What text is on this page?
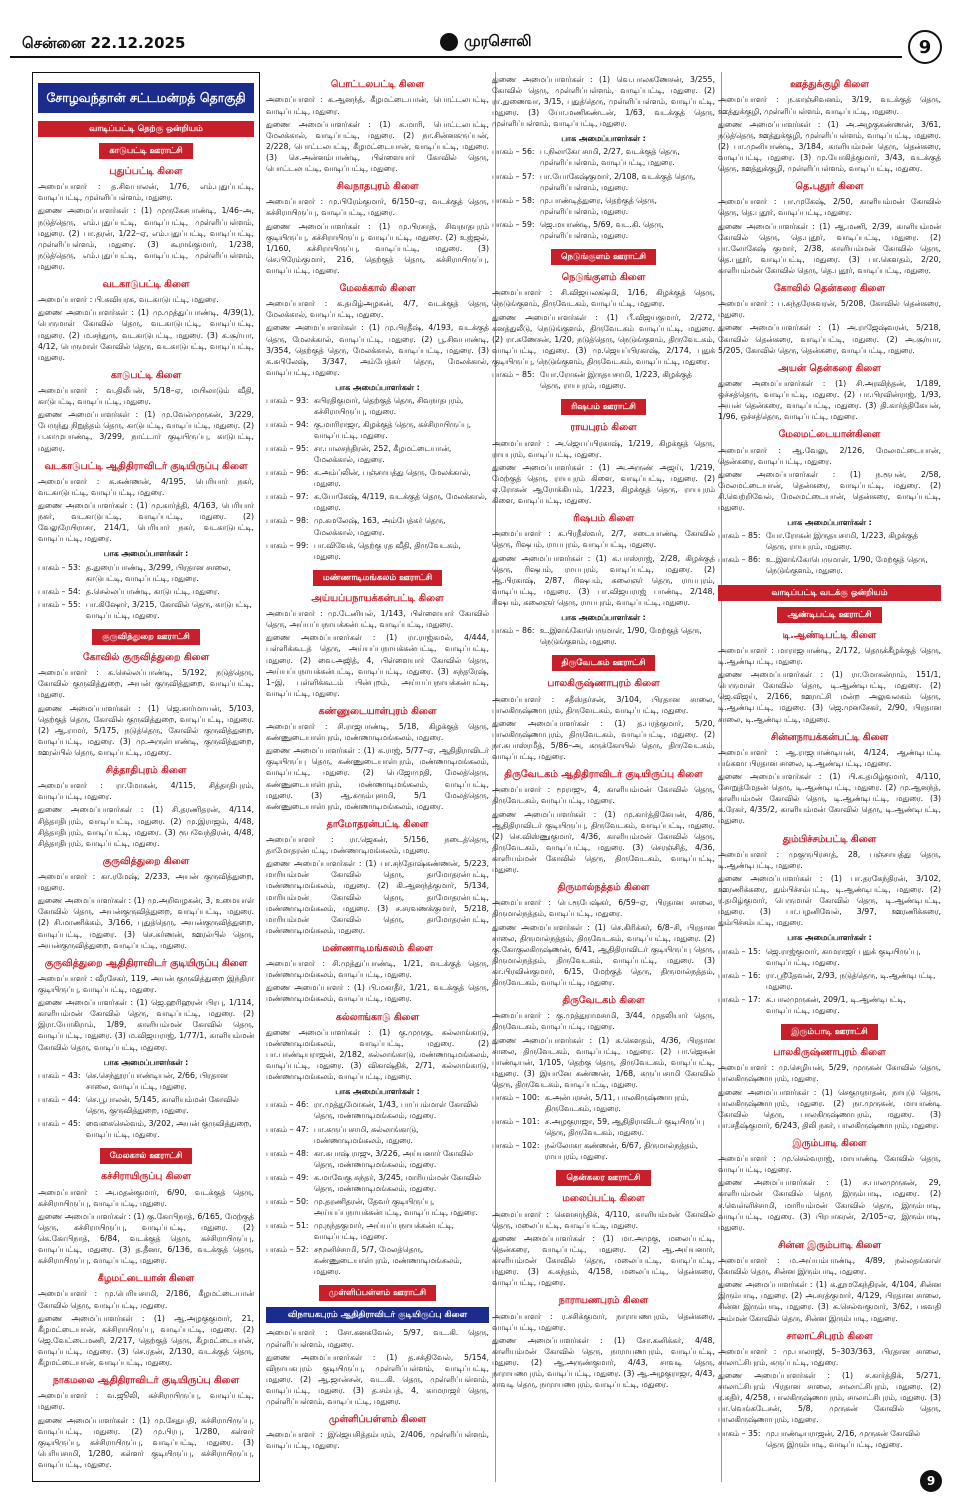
சென்னை 22.12.2025	முரசொலி	9
சோழவந்தான் சட்டமன்றத் தொகுதி
வாடிப்பட்டி தெற்கு ஒன்றியம்
காடுபட்டி ஊராட்சி
புதுப்பட்டி கிளை

அமைப்பாளர் : த.சிவபாலன், 1/76, எம்.புதுப்பட்டி, வாடிப்பட்டி, முள்ளிப்பள்ளம், மதுரை.

துணை அமைப்பாளர்கள் : (1) முருகேசபாண்டி, 1/46–அ, நடுத்தெரு, எம்.புதுப்பட்டி, வாடிப்பட்டி, முள்ளிப்பள்ளம், மதுரை. (2) பா.தரன், 1/22–ஏ, எம்.புதுப்பட்டி, வாடிப்பட்டி, முள்ளிப்பள்ளம், மதுரை. (3) கூராங்குமார், 1/238, நடுத்தெரு, எம்.புதுப்பட்டி, வாடிப்பட்டி, முள்ளிப்பள்ளம், மதுரை.

வடகாடுபட்டி கிளை

அமைப்பாளர் : பி.கவியரசு, வடகாடுபட்டி, மதுரை.

துணை அமைப்பாளர்கள் : (1) மு.முத்துப்பாண்டி, 4/39(1), பெருமாள் கோவில் தெரு, வடகாடுபட்டி, வாடிப்பட்டி, மதுரை. (2) ம.சந்துரு, வடகாடுபட்டி, மதுரை. (3) க.சூர்யா, 4/12, பெருமாள் கோவில் தெரு, வடகாடுபட்டி, வாடிப்பட்டி, மதுரை.

காடுபட்டி கிளை

அமைப்பாளர் : வ.திலீபன், 5/18–ஏ, மயிலாடும் வீதி, காடுபட்டி, வாடிப்பட்டி, மதுரை.

துணை அமைப்பாளர்கள் : (1) மு.வேல்முருகன், 3/229, பேருந்து நிறுத்தம் தெரு, காடுபட்டி, வாடிப்பட்டி, மதுரை. (2) ப.காமுபாண்டி, 3/299, நாட்டார் குடியிருப்பு, காடுபட்டி, மதுரை.

வடகாடுபட்டி ஆதிதிராவிடர் குடியிருப்பு கிளை

அமைப்பாளர் : க.கண்ணன், 4/195, பெரியார் நகர், வடகாடுபட்டி, வாடிப்பட்டி, மதுரை.

துணை அமைப்பாளர்கள் : (1) மு.கார்த்தி, 4/163, பெரியார் நகர், வடகாடுபட்டி, வாடிப்பட்டி, மதுரை. (2) வேலுரேயிராசா, 214/1, பெரியார் நகர், வடகாடுபட்டி, வாடிப்பட்டி, மதுரை.

பாக அமைப்பாளர்கள் :
பாகம் – 53	:	த.துரைப்பாண்டி, 3/299, பிரதான சாலை, காடுபட்டி, வாடிப்பட்டி, மதுரை.
பாகம் – 54	:	த.செல்லப்பாண்டி, காடுபட்டி, மதுரை.
பாகம் – 55	:	பா.கிஷோர், 3/215, கோவில் தெரு, காடுபட்டி, வாடிப்பட்டி, மதுரை.
குருவித்துறை ஊராட்சி
கோவில் குருவித்துறை கிளை

அமைப்பாளர் : க.செல்லப்பாண்டி, 5/192, நடுத்தெரு, கோவில் குருவித்துறை, அயன் குருவித்துறை, வாடிப்பட்டி, மதுரை.

துணை அமைப்பாளர்கள் : (1) ஜெ.கார்மாயன், 5/103, தெற்குத் தெரு, கோவில் குருவித்துறை, வாடிப்பட்டி, மதுரை. (2) ஆ.ராமர், 5/175, நடுத்தெரு, கோவில் குருவித்துறை, வாடிப்பட்டி, மதுரை. (3) மு.அருள்பாண்டி, குருவித்துறை, ஊரல்பில் தெரு, வாடிப்பட்டி, மதுரை.

சித்தாதிபுரம் கிளை

அமைப்பாளர் : ரா.மோகன், 4/115, சித்தாதிபுரம், வாடிப்பட்டி, மதுரை.

துணை அமைப்பாளர்கள் : (1) சி.தரணிதரன், 4/114, சித்தாதிபுரம், வாடிப்பட்டி, மதுரை. (2) மு.இராஜம், 4/48, சித்தாதிபுரம், வாடிப்பட்டி, மதுரை. (3) ரூபவேந்திரன், 4/48, சித்தாதிபுரம், வாடிப்பட்டி, மதுரை.

குருவித்துறை கிளை

அமைப்பாளர் : கா.ரமேஷ், 2/233, அயன் குருவித்துறை, மதுரை.

துணை அமைப்பாளர்கள் : (1) மு.அறிவழகன், 3, உமையாள் கோவில் தெரு, அயன்குருவித்துறை, வாடிப்பட்டி, மதுரை. (2) சி.மாணிக்கம், 3/166, புதுத்தெரு, அயன்குருவித்துறை, வாடிப்பட்டி, மதுரை. (3) செ.கர்ணன், ஊரல்பில் தெரு, அயன்குருவித்துறை, வாடிப்பட்டி, மதுரை.

குருவித்துறை ஆதிதிராவிடர் குடியிருப்பு கிளை

அமைப்பாளர் : வீரசேகர், 119, அயன் குருவித்துறை இந்திரா குடியிருப்பு, வாடிப்பட்டி, மதுரை.

துணை அமைப்பாளர்கள் : (1) ஜெ.ஹரிஹரன் பிரபு, 1/114, காளியம்மன் கோவில் தெரு, வாடிப்பட்டி, மதுரை. (2) இரா.யோகிராம், 1/89, காளியம்மன் கோவில் தெரு, வாடிப்பட்டி, மதுரை. (3) ம.விஜயராஜ், 1/77/1, காளியம்மன் கோவில் தெரு, வாடிப்பட்டி, மதுரை.

பாக அமைப்பாளர்கள் :
பாகம் – 43	:	செ.செந்தூரப்பாண்டியன், 2/66, பிரதான சாலை, வாடிப்பட்டி, மதுரை.
பாகம் – 44	:	செ.பூபாலன், 5/145, காளியம்மன் கோவில் தெரு, குருவித்துறை, மதுரை.
பாகம் – 45	:	வைகைசெல்வம், 3/202, அயன் குருவித்துறை, வாடிப்பட்டி, மதுரை.
மேலகால் ஊராட்சி
கச்சிராயிருப்பு கிளை

அமைப்பாளர் : அ.மதன்குமார், 6/90, வடக்குத் தெரு, கச்சிராயிருப்பு, வாடிப்பட்டி, மதுரை.

துணை அமைப்பாளர்கள் : (1) கு.கோபிநாத், 6/165, மேற்குத் தெரு, கச்சிராயிருப்பு, வாடிப்பட்டி, மதுரை. (2) கெ.கோபிநாத், 6/84, வடக்குத் தெரு, கச்சிராயிருப்பு, வாடிப்பட்டி, மதுரை. (3) த.தீனா, 6/136, வடக்குத் தெரு, கச்சிராயிருப்பு, வாடிப்பட்டி, மதுரை.

கீழமட்டையான் கிளை

அமைப்பாளர் : மு.பெரியசாமி, 2/186, கீழமட்டையான் கோவில் தெரு, வாடிப்பட்டி, மதுரை.

துணை அமைப்பாளர்கள் : (1) ஆ.அழகுகுமார், 21, கீழமட்டையான், கச்சிராயிருப்பு, வாடிப்பட்டி, மதுரை. (2) ஜெ.வேட்டைமணி, 2/217, தெற்குத் தெரு, கீழமட்டையான், வாடிப்பட்டி, மதுரை. (3) செ.ரதன், 2/130, வடக்குத் தெரு, கீழமட்டையான், வாடிப்பட்டி, மதுரை.

நாகமலை ஆதிதிராவிடர் குடியிருப்பு கிளை

அமைப்பாளர் : வ.ஜூலி, கச்சிராயிருப்பு, வாடிப்பட்டி, மதுரை.

துணை அமைப்பாளர்கள் : (1) மு.சேதுபதி, கச்சிராயிருப்பு, வாடிப்பட்டி, மதுரை. (2) மு.பிரபு, 1/280, கள்ளர் குடியிருப்பு, கச்சிராயிருப்பு, வாடிப்பட்டி, மதுரை. (3) பெரியசாமி, 1/280, கள்ளர் குடியிருப்பு, கச்சிராயிருப்பு, வாடிப்பட்டி, மதுரை.

பொட்டலபட்டி கிளை

அமைப்பாளர் : க.ஆனந்த், கீழமட்டையான், பொட்டலபட்டி, வாடிப்பட்டி, மதுரை.

துணை அமைப்பாளர்கள் : (1) க.மாரி, பொட்டலபட்டி, மேலக்கால், வாடிப்பட்டி, மதுரை. (2) நா.சின்னகருப்பன், 2/228, பொட்டலபட்டி, கீழமட்டையான், வாடிப்பட்டி, மதுரை. (3) செ.அன்னம்பாண்டி, பிள்ளையார் கோவில் தெரு, பொட்டலபட்டி, வாடிப்பட்டி, மதுரை.

சிவநாதபுரம் கிளை

அமைப்பாளர் : மு.பிரேம்குமார், 6/150–ஏ, வடக்குத் தெரு, கச்சிராயிருப்பு, வாடிப்பட்டி, மதுரை.

துணை அமைப்பாளர்கள் : (1) மு.பிரசாத், சிவநாதபுரம் குடியிருப்பு, கச்சிராயிருப்பு, வாடிப்பட்டி, மதுரை. (2) உஜ்ஜல், 1/160, கச்சிராயிருப்பு, வாடிப்பட்டி, மதுரை. (3) செ.பிரேம்குமார், 216, தெற்குத் தெரு, கச்சிராயிருப்பு, வாடிப்பட்டி, மதுரை.

மேலக்கால் கிளை

அமைப்பாளர் : க.தமிழ்அழகன், 4/7, வடக்குத் தெரு, மேலக்கால், வாடிப்பட்டி, மதுரை.

துணை அமைப்பாளர்கள் : (1) மு.பிரதீஷ், 4/193, வடக்குத் தெரு, மேலக்கால், வாடிப்பட்டி, மதுரை. (2) பூ.சிவபாண்டி, 3/354, தெற்குத் தெரு, மேலக்கால், வாடிப்பட்டி, மதுரை. (3) க.சுபிலேஷ், 3/347, அம்பேத்கர் தெரு, மேலக்கால், வாடிப்பட்டி, மதுரை.

பாக அமைப்பாளர்கள் :
பாகம் – 93	:	சுபிரதிகுமார், தெற்குத் தெரு, சிவநாதபுரம், கச்சிராயிருப்பு, மதுரை.
பாகம் – 94	:	கு.மாரிராஜா, கிழக்குத் தெரு, கச்சிராயிருப்பு, வாடிப்பட்டி, மதுரை.
பாகம் – 95	:	சா.பாலசந்திரன், 252, கீழமட்டையான், மேலக்கால், மதுரை.
பாகம் – 96	:	க.அம்ப்லின், பஞ்சாயத்து தெரு, மேலக்கால், மதுரை.
பாகம் – 97	:	க.யோகேஷ், 4/119, வடக்குத் தெரு, மேலக்கால், மதுரை.
பாகம் – 98	:	மு.கமலேஷ், 163, அம்பேத்கர் தெரு, மேலக்கால், மதுரை.
பாகம் – 99	:	பா.விவேக், தெற்கு ரத வீதி, திருவேடகம், மதுரை.
மண்ணாடிமங்கலம் ஊராட்சி
அய்யப்பநாயக்கன்பட்டி கிளை

அமைப்பாளர் : மு.டேனியல், 1/143, பிள்ளையார் கோவில் தெரு, அய்யப்பநாயக்கன்பட்டி, வாடிப்பட்டி, மதுரை.

துணை அமைப்பாளர்கள் : (1) ரா.ராஜ்கமல், 4/444, பள்ளிக்கூடத் தெரு, அய்யப்பநாயக்கன்பட்டி, வாடிப்பட்டி, மதுரை. (2) வை.அஜித், 4, பிள்ளையார் கோவில் தெரு, அய்யப்பநாயக்கன்பட்டி, வாடிப்பட்டி, மதுரை. (3) சுந்தரேஷ், 1–இ, பள்ளிக்கூடம் பின்புறம், அய்யப்பநாயக்கன்பட்டி, வாடிப்பட்டி, மதுரை.

கண்ணுடையாள்புரம் கிளை

அமைப்பாளர் : சி.ராஜபாண்டி, 5/18, கிழக்குத் தெரு, கண்ணுடையாள்புரம், மண்ணாடிமங்கலம், மதுரை.

துணை அமைப்பாளர்கள் : (1) க.ராஜ், 5/77–ஏ, ஆதிதிராவிடர் குடியிருப்பு தெரு, கண்ணுடையாள்புரம், மண்ணாடிமங்கலம், வாடிப்பட்டி, மதுரை. (2) பெஜோமுதி, மேலத்தெரு, கண்ணுடையாள்புரம், மண்ணாடிமங்கலம், வாடிப்பட்டி, மதுரை. (3) ஆ.சுரும்புசாமி, 5/1 மேலத்தெரு, கண்ணுடையாள்புரம், மண்ணாடிமங்கலம், மதுரை.

தாமோதரன்பட்டி கிளை

அமைப்பாளர் : ரா.ஜெகன், 5/156, நடைத்தெரு, தாமோதரன்பட்டி, மண்ணாடிமங்கலம், மதுரை.

துணை அமைப்பாளர்கள் : (1) பா.சந்தோஷ்கண்ணன், 5/223, மாரியம்மன் கோவில் தெரு, தாமோதரன்பட்டி, மண்ணாடிமங்கலம், மதுரை. (2) கி.ஆனந்த்குமார், 5/134, மாரியம்மன் கோவில் தெரு, தாமோதரன்பட்டி, மண்ணாடிமங்கலம், மதுரை. (3) ச.சரவணக்குமார், 5/218, மாரியம்மன் கோவில் தெரு, தாமோதரன்பட்டி, மண்ணாடிமங்கலம், மதுரை.

மண்ணாடிமங்கலம் கிளை

அமைப்பாளர் : சி.முத்துப்பாண்டி, 1/21, வடக்குத் தெரு, மண்ணாடிமங்கலம், வாடிப்பட்டி, மதுரை.

துணை அமைப்பாளர் : (1) பி.மகாதீர், 1/21, வடக்குத் தெரு, மண்ணாடிமங்கலம், வாடிப்பட்டி, மதுரை.

கல்லாங்காடு கிளை

துணை அமைப்பாளர்கள் : (1) கு.முருகு, கல்லாங்காடு, மண்ணாடிமங்கலம், வாடிப்பட்டி, மதுரை. (2) பா.பாண்டியராஜன், 2/182, கல்லாங்காடு, மண்ணாடிமங்கலம், வாடிப்பட்டி, மதுரை. (3) விகாஷ்திக், 2/71, கல்லாங்காடு, மண்ணாடிமங்கலம், வாடிப்பட்டி, மதுரை.

பாக அமைப்பாளர்கள் :
பாகம் – 46	:	ரா.முத்துமோகன், 1/43, பாப்பம்மாள் கோவில் தெரு, மண்ணாடிமங்கலம், மதுரை.
பாகம் – 47	:	பா.கருப்பசாமி, கல்லாங்காடு, மண்ணாடிமங்கலம், மதுரை.
பாகம் – 48	:	கா.சுபாஷ் ராஜு, 3/226, அய்யனார் கோவில் தெரு, மண்ணாடிமங்கலம், மதுரை.
பாகம் – 49	:	க.மாவேகு சுந்தர், 3/245, மாரியம்மன் கோவில் தெரு, மண்ணாடிமங்கலம், மதுரை.
பாகம் – 50	:	மு.தரணிதரன், தேவர் குடியிருப்பு, அய்யப்பநாயக்கன்பட்டி, வாடிப்பட்டி, மதுரை.
பாகம் – 51	:	மு.நந்தகுமார், அய்யப்பநாயக்கன்பட்டி, வாடிப்பட்டி, மதுரை.
பாகம் – 52	:	சமூனிச்சாமி, 5/7, மேலத்தெரு, கண்ணுடையாள்புரம், மண்ணாடிமங்கலம், மதுரை.
முள்ளிப்பள்ளம் ஊராட்சி
விநாயகபுரம் ஆதிதிராவிடர் குடியிருப்பு கிளை

அமைப்பாளர் : சோ.கனகவேல், 5/97, வட.கி. தெரு, முள்ளிப்பள்ளம், மதுரை.

துணை அமைப்பாளர்கள் : (1) த.சக்திவேல், 5/154, விநாயகபுரம் குடியிருப்பு, முள்ளிப்பள்ளம், வாடிப்பட்டி, மதுரை. (2) ஆ.ஜான்சன், வட.கி. தெரு, முள்ளிப்பள்ளம், வாடிப்பட்டி, மதுரை. (3) த.சம்பத், 4, காமராஜர் தெரு, முள்ளிப்பள்ளம், வாடிப்பட்டி, மதுரை.

முள்ளிப்பள்ளம் கிளை

அமைப்பாளர் : இஜெயசித்தம்பரம், 2/406, முள்ளிப்பள்ளம், வாடிப்பட்டி, மதுரை.

துணை அமைப்பாளர்கள் : (1) வெ.பாலகணேசன், 3/255, கோவில் தெரு, முள்ளிப்பள்ளம், வாடிப்பட்டி, மதுரை. (2) ரா.துணைவா, 3/15, புதுத்தெரு, முள்ளிப்பள்ளம், வாடிப்பட்டி, மதுரை. (3) யோ.மணிகண்டன், 1/63, வடக்குத் தெரு, முள்ளிப்பள்ளம், வாடிப்பட்டி, மதுரை.

பாக அமைப்பாளர்கள் :
பாகம் – 56	:	ப.நிலாகோ சாமி, 2/27, வடக்குத் தெரு, முள்ளிப்பள்ளம், வாடிப்பட்டி, மதுரை.
பாகம் – 57	:	பா.யோகேஷ்குமார், 2/108, வடக்குத் தெரு, முள்ளிப்பள்ளம், மதுரை.
பாகம் – 58	:	மு.பாண்டித்துரை, தெற்குத் தெரு, முள்ளிப்பள்ளம், மதுரை.
பாகம் – 59	:	ஜெ.மயாண்டி, 5/69, வட.கி. தெரு, முள்ளிப்பள்ளம், மதுரை.
நெடுங்குளம் ஊராட்சி
நெடுங்குளம் கிளை

அமைப்பாளர் : சி.விஜயலக்ஷ்மி, 1/16, கிழக்குத் தெரு, நெடுங்குளம், திருவேடகம், வாடிப்பட்டி, மதுரை.

துணை அமைப்பாளர்கள் : (1) பீ.விஜயகுமார், 2/272, கனத்துலீடு, நெடுங்குளம், திருவேடகம் வாடிப்பட்டி, மதுரை. (2) ரா.கணேசன், 1/20, நடுத்தெரு, நெடுங்குளம், திருவேடகம், வாடிப்பட்டி, மதுரை. (3) மு.ஜெயப்பிரகாஷ், 2/174, புதுக் குடியிருப்பு, நெடுங்குளம், திருவேடகம், வாடிப்பட்டி, மதுரை.

பாகம் – 85	:	யோ.ரோகன் இருதயசாமி, 1/223, கிழக்குத் தெரு, ராயபுரம், மதுரை.
ரிஷபம் ஊராட்சி
ராயபுரம் கிளை

அமைப்பாளர் : அ.ஜெயப்பிரகாஷ், 1/219, கிழக்குத் தெரு, ராயபுரம், வாடிப்பட்டி, மதுரை.

துணை அமைப்பாளர்கள் : (1) அ.அருண் அஜய், 1/219, மேற்குத் தெரு, ராயபுரம் கிளை, வாடிப்பட்டி, மதுரை. (2) ஏ.ரோகன் ஆரோக்கியம், 1/223, கிழக்குத் தெரு, ராயபுரம் கிளை, வாடிப்பட்டி, மதுரை.

ரிஷபம் கிளை

அமைப்பாளர் : க.பிரதீஸ்வர், 2/7, சடையாண்டி கோவில் தெரு, ரிஷபம், ராயபுரம், வாடிப்பட்டி, மதுரை.

துணை அமைப்பாளர்கள் : (1) க.பாஸ்ராஜ், 2/28, கிழக்குத் தெரு, ரிஷபம், ராயபுரம், வாடிப்பட்டி, மதுரை. (2) ஆ.பிரகாஷ், 2/87, ரிஷபம், கலைஞர் தெரு, ராயபுரம், வாடிப்பட்டி, மதுரை. (3) பா.விஜயராஜ் பாண்டி, 2/148, ரிஷபம், கலைஞர் தெரு, ராயபுரம், வாடிப்பட்டி, மதுரை.

பாக அமைப்பாளர்கள் :
பாகம் – 86	:	உ.இளங்கோபெருமாள், 1/90, மேற்குத் தெரு, நெடுங்குளம், மதுரை.
திருவேடகம் ஊராட்சி
பாலகிருஷ்ணாபுரம் கிளை

அமைப்பாளர் : சதீஸ்தர்சன், 3/104, பிரதான சாலை, பாலகிருஷ்ணாபுரம், திருவேடகம், வாடிப்பட்டி, மதுரை.

துணை அமைப்பாளர்கள் : (1) த.பரத்குமார், 5/20, பாலகிருஷ்ணாபுரம், திருவேடகம், வாடிப்பட்டி, மதுரை. (2) நா.சுபாஸ்ரமீத், 5/86–அ, கருக்கோயில் தெரு, திருவேடகம், வாடிப்பட்டி, மதுரை.

திருவேடகம் ஆதிதிராவிடர் குடியிருப்பு கிளை

அமைப்பாளர் : மூராஜு, 4, காளியம்மன் கோவில் தெரு, திருவேடகம், வாடிப்பட்டி, மதுரை.

துணை அமைப்பாளர்கள் : (1) மு.கார்த்திகேயன், 4/86, ஆதிதிராவிடர் குடியிருப்பு, திருவேடகம், வாடிப்பட்டி, மதுரை. (2) செ.விஸ்ணுகுமார், 4/36, காளியம்மன் கோவில் தெரு, திருவேடகம், வாடிப்பட்டி, மதுரை. (3) செரஞ்சித், 4/36, காளியம்மன் கோவில் தெரு, திருவேடகம், வாடிப்பட்டி, மதுரை.

திருமால்நத்தம் கிளை

அமைப்பாளர் : பெ.ரூபேஷ்கர், 6/59–ஏ, பிரதான சாலை, திருமால்நத்தம், வாடிப்பட்டி, மதுரை.

துணை அமைப்பாளர்கள் : (1) செ.கிரிக்கர், 6/8–சி, பிரதான சாலை, திருமால்நத்தம், திருவேடகம், வாடிப்பட்டி, மதுரை. (2) கு.கோகுலகிருஷ்ணன், 6/41, ஆதிதிராவிடர் குடியிருப்பு தெரு, திருமால்நத்தம், திருவேடகம், வாடிப்பட்டி, மதுரை. (3) கா.பிரவின்குமார், 6/15, மேற்குத் தெரு, திருமால்நத்தம், திருவேடகம், வாடிப்பட்டி, மதுரை.

திருவேடகம் கிளை

அமைப்பாளர் : கு.முத்துராமசாமி, 3/44, முதலியார் தெரு, திருவேடகம், வாடிப்பட்டி, மதுரை.

துணை அமைப்பாளர்கள் : (1) க.கௌதம், 4/36, பிரதான சாலை, திருவேடகம், வாடிப்பட்டி, மதுரை. (2) பா.ஜெகன் பாண்டியன், 1/105, தெற்கு தெரு, திருவேடகம், வாடிப்பட்டி, மதுரை. (3) இயானே கண்ணன், 1/68, கருப்பசாமி கோவில் தெரு, திருவேடகம், வாடிப்பட்டி, மதுரை.

பாகம் – 100	:	க.அன்பரசன், 5/11, பாலகிருஷ்ணாபுரம், திருவேடகம், மதுரை.
பாகம் – 101	:	ச.அழகுராஜா, 59, ஆதிதிராவிடர் குடியிருப்பு தெரு, திருவேடகம், மதுரை.
பாகம் – 102	:	நல்லோகா கண்ணன், 6/67, திருமால்நத்தம், ராயபுரம், மதுரை.
தென்கரை ஊராட்சி
மலைப்பட்டி கிளை

அமைப்பாளர் : கௌசாந்திக், 4/110, காளியம்மன் கோவில் தெரு, மலைப்பட்டி, வாடிப்பட்டி, மதுரை.

துணை அமைப்பாளர்கள் : (1) மா.அமுகு, மலைப்பட்டி, தென்கரை, வாடிப்பட்டி, மதுரை. (2) ஆ.அய்யனார், காளியம்மன் கோவில் தெரு, மலைப்பட்டி, வாடிப்பட்டி, மதுரை. (3) க.கந்தம், 4/158, மலைப்பட்டி, தென்கரை, வாடிப்பட்டி, மதுரை.

நாராயணபுரம் கிளை

அமைப்பாளர் : ர.சசிக்குமார், நாராயணபுரம், தென்கரை, வாடிப்பட்டி, மதுரை.

துணை அமைப்பாளர்கள் : (1) சோ.கனிக்கர், 4/48, காளியம்மன் கோவில் தெரு, நாராயணபுரம், வாடிப்பட்டி, மதுரை. (2) ஆ.அருண்குமார், 4/43, சாவடி தெரு, நாராயணபுரம், வாடிப்பட்டி, மதுரை. (3) ஆ.அழகுராஜா, 4/43, சாவடி தெரு, நாராயணபுரம், வாடிப்பட்டி, மதுரை.

ஊத்துக்குழி கிளை

அமைப்பாளர் : ந.காஞ்சிவனம், 3/19, வடக்குத் தெரு, ஊத்துக்குழி, முள்ளிப்பள்ளம், வாடிப்பட்டி, மதுரை.

துணை அமைப்பாளர்கள் : (1) அ.அழகுகண்ணன், 3/61, நடுத்தெரு, ஊத்துக்குழி, முள்ளிப்பள்ளம், வாடிப்பட்டி, மதுரை. (2) பா.முனியாண்டி, 3/184, காளியம்மன் தெரு, தென்கரை, வாடிப்பட்டி, மதுரை. (3) மு.யோகித்குமார், 3/43, வடக்குத் தெரு, ஊத்துக்குழி, முள்ளிப்பள்ளம், வாடிப்பட்டி, மதுரை.

தெ.புதூர் கிளை

அமைப்பாளர் : பா.முகேஷ், 2/50, காளியம்மன் கோவில் தெரு, தெ.புதூர், வாடிப்பட்டி, மதுரை.

துணை அமைப்பாளர்கள் : (1) ஆ.மணி, 2/39, காளியம்மன் கோவில் தெரு, தெ.புதூர், வாடிப்பட்டி, மதுரை. (2) பா.லோகேஷ் குமார், 2/38, காளியம்மன் கோவில் தெரு, தெ.புதூர், வாடிப்பட்டி, மதுரை. (3) பா.கௌதம், 2/20, காளியம்மன் கோவில் தெரு, தெ.புதூர், வாடிப்பட்டி, மதுரை.

கோவில் தென்கரை கிளை

அமைப்பாளர் : ப.சுந்தரேசுவரன், 5/208, கோவில் தென்கரை, மதுரை.

துணை அமைப்பாளர்கள் : (1) அ.ராஜேஷ்வரன், 5/218, கோவில் தென்கரை, வாடிப்பட்டி, மதுரை. (2) அ.சூர்யா, 5/205, கோவில் தெரு, தென்கரை, வாடிப்பட்டி, மதுரை.

அயன் தென்கரை கிளை

துணை அமைப்பாளர்கள் : (1) சி.அரவிந்தன், 1/189, ஒச்சத்தெரு, வாடிப்பட்டி, மதுரை. (2) பா.பிரவின்ராஜ், 1/93, அயன் தென்கரை, வாடிப்பட்டி, மதுரை. (3) தி.கார்த்திகேயன், 1/96, ஒச்சத்தெரு, வாடிப்பட்டி, மதுரை.

மேலமட்டையான்கிளை

அமைப்பாளர் : ஆ.வேலு, 2/126, மேலமட்டையான், தென்கரை, வாடிப்பட்டி, மதுரை.

துணை அமைப்பாளர்கள் : (1) ந.ரூபன், 2/58, மேலமட்டையான், தென்கரை, வாடிப்பட்டி, மதுரை. (2) சி.வெற்றிவேல், மேலமட்டையான், தென்கரை, வாடிப்பட்டி, மதுரை.

பாக அமைப்பாளர்கள் :
பாகம் – 85	:	யோ.ரோகன் இருதயசாமி, 1/223, கிழக்குத் தெரு, ராயபுரம், மதுரை.
பாகம் – 86	:	உ.இளங்கோபெருமாள், 1/90, மேற்குத் தெரு, நெடுங்குளம், மதுரை.
வாடிப்பட்டி வடக்கு ஒன்றியம்
ஆண்டிபட்டி ஊராட்சி
டி.ஆண்டிபட்டி கிளை

அமைப்பாளர் : மாராஜபாண்டி, 2/172, தெருக்கீழக்குத் தெரு, டி.ஆண்டிபட்டி, மதுரை.

துணை அமைப்பாளர்கள் : (1) ரா.மோகன்ராம், 151/1, பெருமாள் கோவில் தெரு, டி.ஆண்டிபட்டி, மதுரை. (2) ஜெ.விஜய், 2/166, ஊராட்சி மன்ற அலுவலகம் தெரு, டி.ஆண்டிபட்டி, மதுரை. (3) ஜெ.முனசேகர், 2/90, பிரதான சாலை, டி.ஆண்டிபட்டி, மதுரை.

சின்னநாயக்கன்பட்டி கிளை

அமைப்பாளர் : ஆ.ராஜபாண்டியன், 4/124, ஆண்டிபட்டி பங்களா பிரதான சாலை, டி.ஆண்டிபட்டி, மதுரை.

துணை அமைப்பாளர்கள் : (1) பி.க.தமிழ்குமார், 4/110, சோறுத்மேதன் தெரு, டி.ஆண்டிபட்டி, மதுரை. (2) மு.ஆனந்த், காளியம்மன் கோவில் தெரு, டி.ஆண்டிபட்டி, மதுரை. (3) க.ரேகர், 4/35/2, காளியம்மன் கோவில் தெரு, டி.ஆண்டிபட்டி, மதுரை.

தும்பிச்சம்பட்டி கிளை

அமைப்பாளர் : முகுருபிரசாத், 28, பஞ்சாயத்து தெரு, டி.ஆண்டிபட்டி, மதுரை.

துணை அமைப்பாளர்கள் : (1) பா.தரகேந்திரன், 3/102, ஊரணிக்கரை, தும்பிச்சம்பட்டி, டி.ஆண்டிபட்டி, மதுரை. (2) ர.தமிழ்குமார், பெருமாள் கோவில் தெரு, டி.ஆண்டிபட்டி, மதுரை. (3) பா.பழனிவேல், 3/97, ஊரணிக்கரை, தும்பிச்சம்பட்டி, மதுரை.

பாக அமைப்பாளர்கள் :
பாகம் – 15	:	ஜெ.ராஜ்குமார், காமராஜர் புதுக் குடியிருப்பு, வாடிப்பட்டி, மதுரை.
பாகம் – 16	:	ரா.ஸ்ரீதேவன், 2/93, நடுத்தெரு, டி.ஆண்டிபட்டி, மதுரை.
பாகம் – 17	:	க.பாலமுருகன், 209/1, டி.ஆண்டிபட்டி, வாடிப்பட்டி, மதுரை.
இரும்பாடி ஊராட்சி
பாலகிருஷ்ணாபுரம் கிளை

அமைப்பாளர் : மு.செழியன், 5/29, முருகன் கோவில் தெரு, பாலகிருஷ்ணாபுரம், மதுரை.

துணை அமைப்பாளர்கள் : (1) செகுருநாதன், நாயுடு தெரு, பாலகிருஷ்ணாபுரம், மதுரை. (2) நா.முருகன், மாயாண்டி கோவில் தெரு, பாலகிருஷ்ணாபுரம், மதுரை. (3) பா.சதீஷ்குமார், 6/243, திலி நகர், பாலகிருஷ்ணாபுரம், மதுரை.

இரும்பாடி கிளை

அமைப்பாளர் : மு.செல்வராஜ், மாயாண்டி கோவில் தெரு, வாடிப்பட்டி, மதுரை.

துணை அமைப்பாளர்கள் : (1) ச.பாலமுருகன், 29, காளியம்மன் கோவில் தெரு இரும்பாடி, மதுரை. (2) ச.வெள்ளிச்சாமி, மாரியம்மன் கோவில் தெரு, இரும்பாடி, வாடிப்பட்டி, மதுரை. (3) பிரபாகரன், 2/105–ஏ, இரும்பாடி, மதுரை.

சின்ன இரும்பாடி கிளை

அமைப்பாளர் : ம.அய்யம்பாண்டி, 4/89, நல்லதங்காள் கோவில் தெரு, சின்ன இரும்பாடி, மதுரை.

துணை அமைப்பாளர்கள் : (1) க.தூமகேந்திரன், 4/104, சின்ன இரும்பாடி, மதுரை. (2) அ.சரத்குமார், 4/129, பிரதான சாலை, சின்ன இரும்பாடி, மதுரை. (3) க.செல்வகுமார், 3/62, பகவதி அம்மன் கோவில் தெரு, சின்ன இரும்பாடி, மதுரை.

சாலாட்சிபுரம் கிளை

அமைப்பாளர் : மு.பாலாஜி, 5–303/363, பிரதான சாலை, சாலாட்சிபுரம், கருப்பட்டி, மதுரை.

துணை அமைப்பாளர்கள் : (1) ச.கார்த்திக், 5/271, சாலாட்சிபுரம் பிரதான சாலை, சாலாட்சிபுரம், மதுரை. (2) ர.கதிர், 4/258, பாலகிருஷ்ணாபுரம், சாலாட்சிபுரம், மதுரை. (3) பா.வெங்கடேசன், 5/8, முருகன் கோவில் தெரு, பாலகிருஷ்ணாபுரம், மதுரை.

பாகம் – 35	:	மு.பாண்டியராஜன், 2/16, முருகன் கோவில் தெரு இரும்பாடி, வாடிப்பட்டி, மதுரை.
9
